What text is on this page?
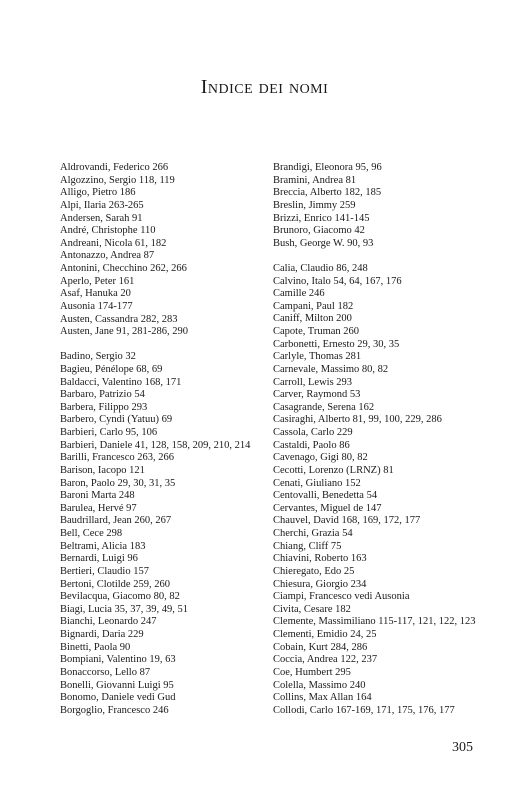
Indice dei nomi
Aldrovandi, Federico 266
Algozzino, Sergio 118, 119
Alligo, Pietro 186
Alpi, Ilaria 263-265
Andersen, Sarah 91
André, Christophe 110
Andreani, Nicola 61, 182
Antonazzo, Andrea 87
Antonini, Checchino 262, 266
Aperlo, Peter 161
Asaf, Hanuka 20
Ausonia 174-177
Austen, Cassandra 282, 283
Austen, Jane 91, 281-286, 290
Badino, Sergio 32
Bagieu, Pénélope 68, 69
Baldacci, Valentino 168, 171
Barbaro, Patrizio 54
Barbera, Filippo 293
Barbero, Cyndi (Yatuu) 69
Barbieri, Carlo 95, 106
Barbieri, Daniele 41, 128, 158, 209, 210, 214
Barilli, Francesco 263, 266
Barison, Iacopo 121
Baron, Paolo 29, 30, 31, 35
Baroni Marta 248
Barulea, Hervé 97
Baudrillard, Jean 260, 267
Bell, Cece 298
Beltrami, Alicia 183
Bernardi, Luigi 96
Bertieri, Claudio 157
Bertoni, Clotilde 259, 260
Bevilacqua, Giacomo 80, 82
Biagi, Lucia 35, 37, 39, 49, 51
Bianchi, Leonardo 247
Bignardi, Daria 229
Binetti, Paola 90
Bompiani, Valentino 19, 63
Bonaccorso, Lello 87
Bonelli, Giovanni Luigi 95
Bonomo, Daniele vedi Gud
Borgoglio, Francesco 246
Brandigi, Eleonora 95, 96
Bramini, Andrea 81
Breccia, Alberto 182, 185
Breslin, Jimmy 259
Brizzi, Enrico 141-145
Brunoro, Giacomo 42
Bush, George W. 90, 93
Calia, Claudio 86, 248
Calvino, Italo 54, 64, 167, 176
Camille 246
Campani, Paul 182
Caniff, Milton 200
Capote, Truman 260
Carbonetti, Ernesto 29, 30, 35
Carlyle, Thomas 281
Carnevale, Massimo 80, 82
Carroll, Lewis 293
Carver, Raymond 53
Casagrande, Serena 162
Casiraghi, Alberto 81, 99, 100, 229, 286
Cassola, Carlo 229
Castaldi, Paolo 86
Cavenago, Gigi 80, 82
Cecotti, Lorenzo (LRNZ) 81
Cenati, Giuliano 152
Centovalli, Benedetta 54
Cervantes, Miguel de 147
Chauvel, David 168, 169, 172, 177
Cherchi, Grazia 54
Chiang, Cliff 75
Chiavini, Roberto 163
Chieregato, Edo 25
Chiesura, Giorgio 234
Ciampi, Francesco vedi Ausonia
Civita, Cesare 182
Clemente, Massimiliano 115-117, 121, 122, 123
Clementi, Emidio 24, 25
Cobain, Kurt 284, 286
Coccia, Andrea 122, 237
Coe, Humbert 295
Colella, Massimo 240
Collins, Max Allan 164
Collodi, Carlo 167-169, 171, 175, 176, 177
305
